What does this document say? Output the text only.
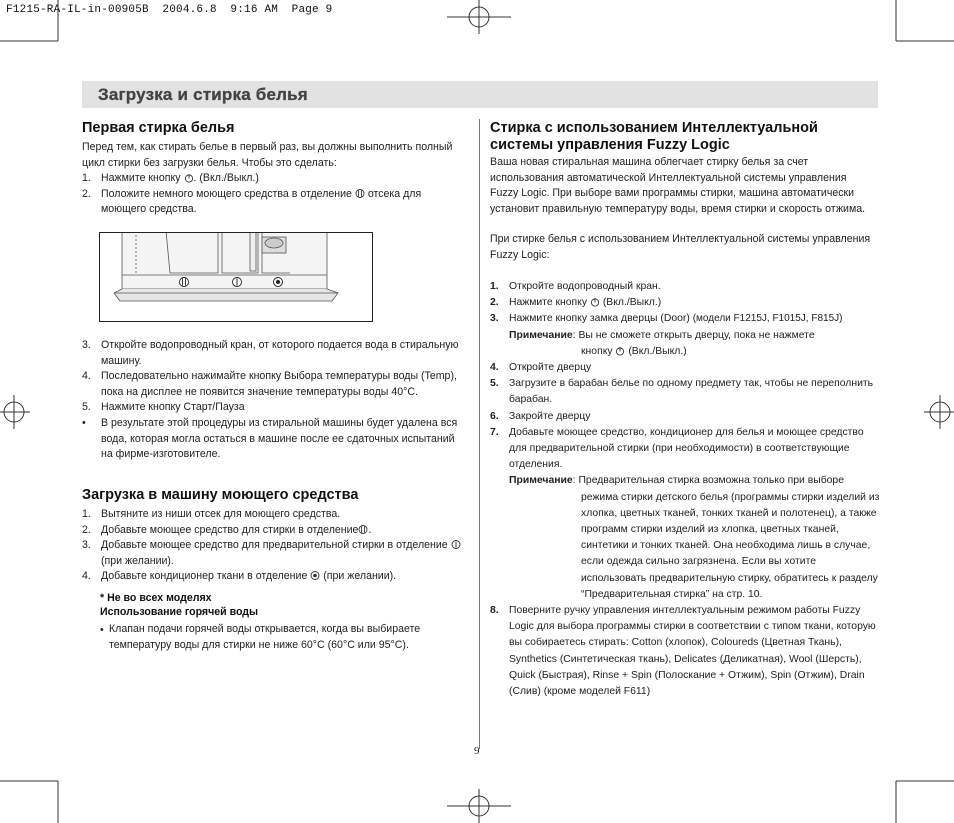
F1215-RA-IL-in-00905B  2004.6.8  9:16 AM  Page 9
Загрузка и стирка белья
Первая стирка белья

Перед тем, как стирать белье в первый раз, вы должны выполнить полный цикл стирки без загрузки белья. Чтобы это сделать:

1. Нажмите кнопку . (Вкл./Выкл.)
2. Положите немного моющего средства в отделение  отсека для моющего средства.
3. Откройте водопроводный кран, от которого подается вода в стиральную машину.
4. Последовательно нажимайте кнопку Выбора температуры воды (Temp), пока на дисплее не появится значение температуры воды 40°C.
5. Нажмите кнопку Старт/Пауза
• В результате этой процедуры из стиральной машины будет удалена вся вода, которая могла остаться в машине после ее сдаточных испытаний на фирме-изготовителе.
Загрузка в машину моющего средства
1. Вытяните из ниши отсек для моющего средства.
2. Добавьте моющее средство для стирки в отделение .
3. Добавьте моющее средство для предварительной стирки в отделение  (при желании).
4. Добавьте кондиционер ткани в отделение  (при желании).
* Не во всех моделях
Использование горячей воды
• Клапан подачи горячей воды открывается, когда вы выбираете температуру воды для стирки не ниже 60°C (60°C или 95°C).

Стирка с использованием Интеллектуальной
системы управления Fuzzy Logic

Ваша новая стиральная машина облегчает стирку белья за счет использования автоматической Интеллектуальной системы управления Fuzzy Logic. При выборе вами программы стирки, машина автоматически установит правильную температуру воды, время стирки и скорость отжима.

При стирке белья с использованием Интеллектуальной системы управления Fuzzy Logic:

1. Откройте водопроводный кран.
2. Нажмите кнопку  (Вкл./Выкл.)
3. Нажмите кнопку замка дверцы (Door) (модели F1215J, F1015J, F815J)
Примечание: Вы не сможете открыть дверцу, пока не нажмете
кнопку  (Вкл./Выкл.)
4. Откройте дверцу
5. Загрузите в барабан белье по одному предмету так, чтобы не переполнить барабан.
6. Закройте дверцу
7. Добавьте моющее средство, кондиционер для белья и моющее средство для предварительной стирки (при необходимости) в соответствующие отделения.
Примечание: Предварительная стирка возможна только при выборе
режима стирки детского белья (программы стирки изделий из хлопка, цветных тканей, тонких тканей и полотенец), а также программ стирки изделий из хлопка, цветных тканей, синтетики и тонких тканей. Она необходима лишь в случае, если одежда сильно загрязнена. Если вы хотите использовать предварительную стирку, обратитесь к разделу “Предварительная стирка” на стр. 10.
8. Поверните ручку управления интеллектуальным режимом работы Fuzzy Logic для выбора программы стирки в соответствии с типом ткани, которую вы собираетесь стирать: Cotton (хлопок), Coloureds (Цветная Ткань), Synthetics (Синтетическая ткань), Delicates (Деликатная), Wool (Шерсть), Quick (Быстрая), Rinse + Spin (Полоскание + Отжим), Spin (Отжим), Drain (Слив) (кроме моделей F611)
9
